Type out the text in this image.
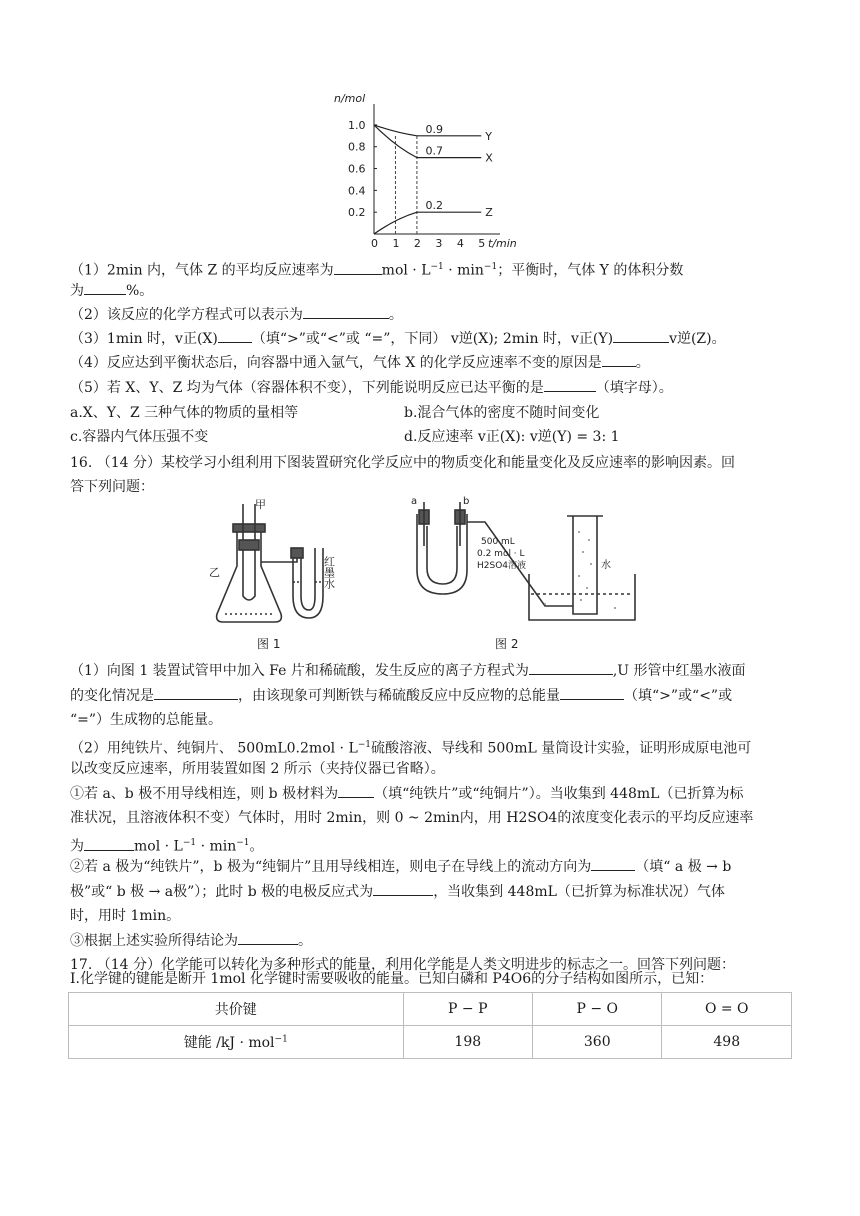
n/mol
t/min
0 1 2 3 4 5
0.2
0.4
0.6
0.8
1.0	0.9
Y
0.7
X
0.2
Z
（1）2min 内，气体 Z 的平均反应速率为	mol · $L^{-1} \cdot \min^{-1}$；平衡时，气体 Y 的体积分数
为	%。
（2）该反应的化学方程式可以表示为	。
（3）1min 时，v正(X) （填“>”或“<”或 “=”，下同） v逆(X); 2min 时，v正(Y)	v逆(Z)。
（4）反应达到平衡状态后，向容器中通入氩气，气体 X 的化学反应速率不变的原因是 。
（5）若 X、Y、Z 均为气体（容器体积不变），下列能说明反应已达平衡的是	（填字母）。
a.X、Y、Z 三种气体的物质的量相等	b.混合气体的密度不随时间变化
c.容器内气体压强不变	d.反应速率 v正(X): v逆(Y) = 3: 1
16. （14 分）某校学习小组利用下图装置研究化学反应中的物质变化和能量变化及反应速率的影响因素。回
答下列问题：
甲
乙	红墨水
图 1
a	b
500 mL
0.2 mol · L
H2SO4溶液	水
图 2
（1）向图 1 装置试管甲中加入 Fe 片和稀硫酸，发生反应的离子方程式为	,U 形管中红墨水液面
的变化情况是	，由该现象可判断铁与稀硫酸反应中反应物的总能量	（填“>”或“<”或
“=”）生成物的总能量。
（2）用纯铁片、纯铜片、 $500mL0.2mol \cdot L^{-1}$硫酸溶液、导线和 500mL 量筒设计实验，证明形成原电池可
以改变反应速率，所用装置如图 2 所示（夹持仪器已省略）。
①若 a、b 极不用导线相连，则 b 极材料为	（填“纯铁片”或“纯铜片”）。当收集到 448mL（已折算为标
准状况，且溶液体积不变）气体时，用时 2min，则 0 ~ 2min内，用 H2SO4的浓度变化表示的平均反应速率
为	mol · $L^{-1} \cdot \min^{-1}$。
②若 a 极为“纯铁片”，b 极为“纯铜片”且用导线相连，则电子在导线上的流动方向为	（填“ a 极 → b
极”或“ b 极 → a极”）；此时 b 极的电极反应式为	，当收集到 448mL（已折算为标准状况）气体
时，用时 1min。
③根据上述实验所得结论为	。
17. （14 分）化学能可以转化为多种形式的能量，利用化学能是人类文明进步的标志之一。回答下列问题：
I.化学键的键能是断开 1mol 化学键时需要吸收的能量。已知白磷和 P4O6的分子结构如图所示，已知：
共价键	P − P	P − O	O = O
键能 /kJ · mol$^{-1}$	198	360	498
